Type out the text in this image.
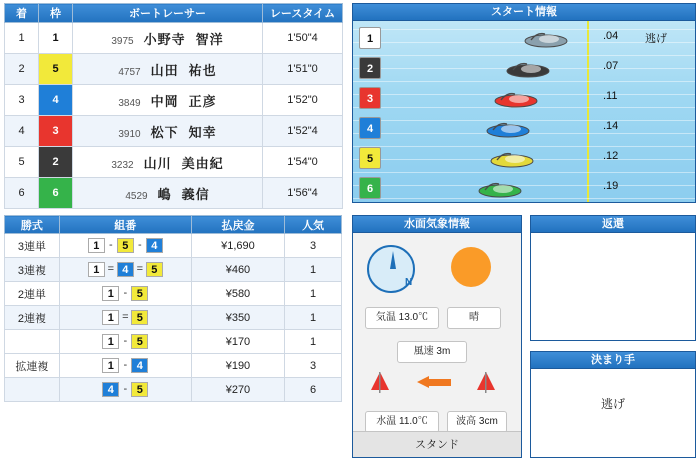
着	枠	ボートレーサー	レースタイム
1	1	3975 小野寺 智洋	1'50"4
2	5	4757 山田 祐也	1'51"0
3	4	3849 中岡 正彦	1'52"0
4	3	3910 松下 知幸	1'52"4
5	2	3232 山川 美由紀	1'54"0
6	6	4529 嶋 義信	1'56"4
スタート情報
1	.04 逃げ
2	.07
3	.11
4	.14
5	.12
6	.19
勝式	組番	払戻金	人気
3連単	1 - 5 - 4	¥1,690	3
3連複	1 = 4 = 5	¥460	1
2連単	1 - 5	¥580	1
2連複	1 = 5	¥350	1
	1 - 5	¥170	1
拡連複	1 - 4	¥190	3
	4 - 5	¥270	6
水面気象情報
N
気温 13.0℃	晴
風速 3m
水温 11.0℃	波高 3cm
スタンド
返還
決まり手
逃げ
